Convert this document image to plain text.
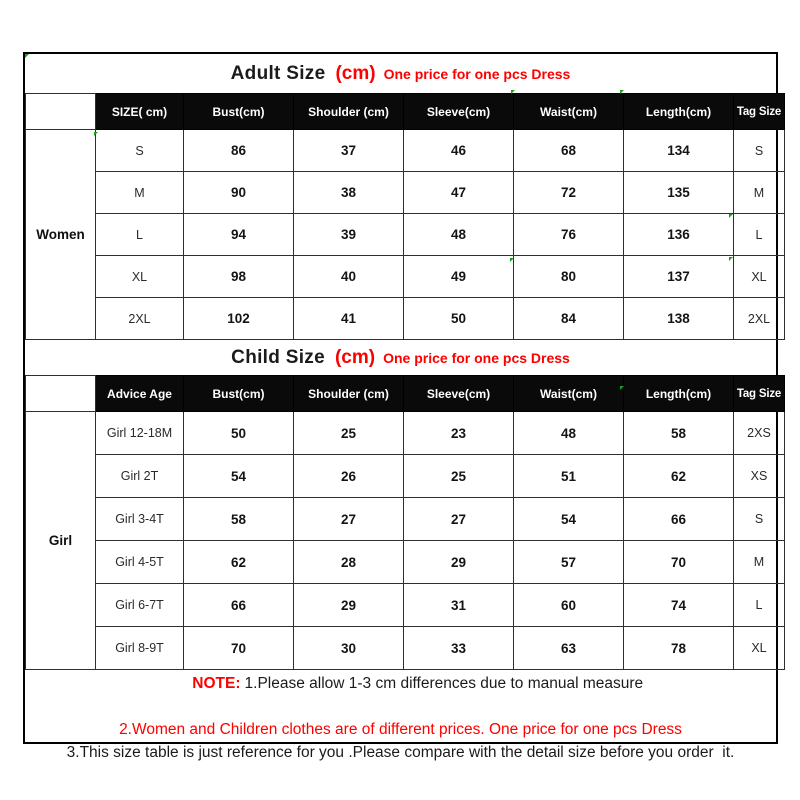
Adult Size (cm) One price for one pcs Dress
	SIZE( cm)	Bust(cm)	Shoulder (cm)	Sleeve(cm)	Waist(cm)	Length(cm)	Tag Size
Women	S	86	37	46	68	134	S
	M	90	38	47	72	135	M
	L	94	39	48	76	136	L
	XL	98	40	49	80	137	XL
	2XL	102	41	50	84	138	2XL
Child Size (cm) One price for one pcs Dress
	Advice Age	Bust(cm)	Shoulder (cm)	Sleeve(cm)	Waist(cm)	Length(cm)	Tag Size
Girl	Girl 12-18M	50	25	23	48	58	2XS
	Girl 2T	54	26	25	51	62	XS
	Girl 3-4T	58	27	27	54	66	S
	Girl 4-5T	62	28	29	57	70	M
	Girl 6-7T	66	29	31	60	74	L
	Girl 8-9T	70	30	33	63	78	XL

NOTE: 1.Please allow 1-3 cm differences due to manual measure

2.Women and Children clothes are of different prices. One price for one pcs Dress
3.This size table is just reference for you .Please compare with the detail size before you order  it.
